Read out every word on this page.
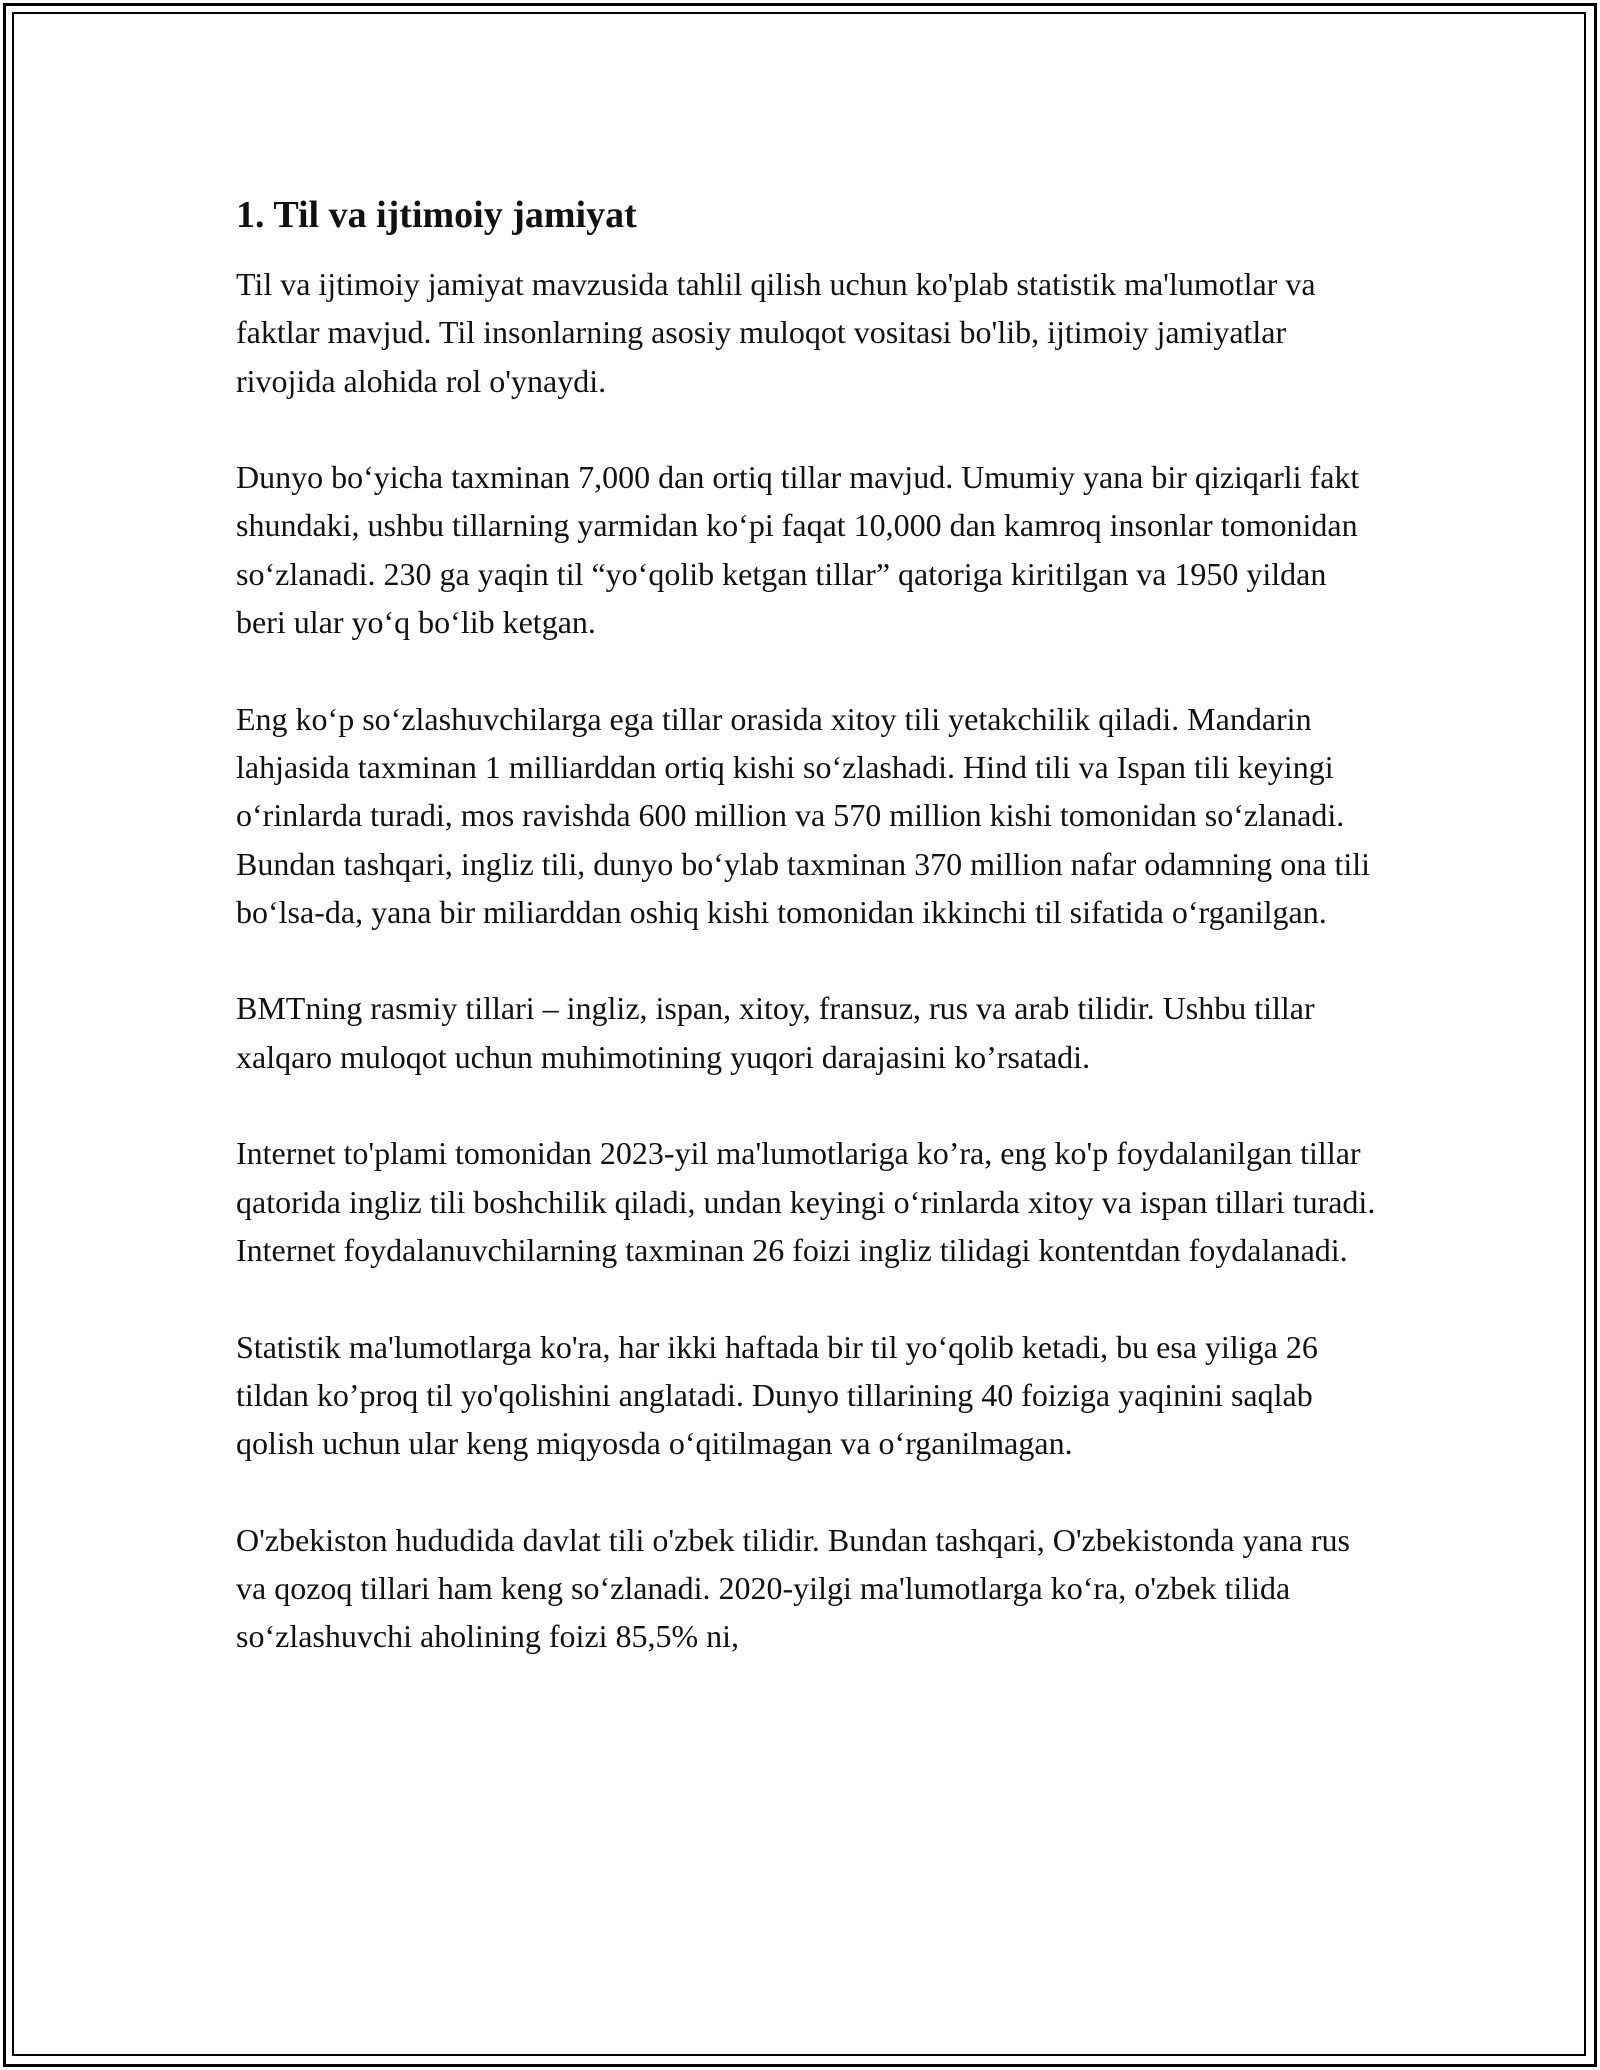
1. Til va ijtimoiy jamiyat

Til va ijtimoiy jamiyat mavzusida tahlil qilish uchun ko'plab statistik ma'lumotlar va faktlar mavjud. Til insonlarning asosiy muloqot vositasi bo'lib, ijtimoiy jamiyatlar rivojida alohida rol o'ynaydi.

Dunyo bo‘yicha taxminan 7,000 dan ortiq tillar mavjud. Umumiy yana bir qiziqarli fakt shundaki, ushbu tillarning yarmidan ko‘pi faqat 10,000 dan kamroq insonlar tomonidan so‘zlanadi. 230 ga yaqin til “yo‘qolib ketgan tillar” qatoriga kiritilgan va 1950 yildan beri ular yo‘q bo‘lib ketgan.

Eng ko‘p so‘zlashuvchilarga ega tillar orasida xitoy tili yetakchilik qiladi. Mandarin lahjasida taxminan 1 milliarddan ortiq kishi so‘zlashadi. Hind tili va Ispan tili keyingi o‘rinlarda turadi, mos ravishda 600 million va 570 million kishi tomonidan so‘zlanadi. Bundan tashqari, ingliz tili, dunyo bo‘ylab taxminan 370 million nafar odamning ona tili bo‘lsa-da, yana bir miliarddan oshiq kishi tomonidan ikkinchi til sifatida o‘rganilgan.

BMTning rasmiy tillari – ingliz, ispan, xitoy, fransuz, rus va arab tilidir. Ushbu tillar xalqaro muloqot uchun muhimotining yuqori darajasini ko’rsatadi.

Internet to'plami tomonidan 2023-yil ma'lumotlariga ko’ra, eng ko'p foydalanilgan tillar qatorida ingliz tili boshchilik qiladi, undan keyingi o‘rinlarda xitoy va ispan tillari turadi. Internet foydalanuvchilarning taxminan 26 foizi ingliz tilidagi kontentdan foydalanadi.

Statistik ma'lumotlarga ko'ra, har ikki haftada bir til yo‘qolib ketadi, bu esa yiliga 26 tildan ko’proq til yo'qolishini anglatadi. Dunyo tillarining 40 foiziga yaqinini saqlab qolish uchun ular keng miqyosda o‘qitilmagan va o‘rganilmagan.

O'zbekiston hududida davlat tili o'zbek tilidir. Bundan tashqari, O'zbekistonda yana rus va qozoq tillari ham keng so‘zlanadi. 2020-yilgi ma'lumotlarga ko‘ra, o'zbek tilida so‘zlashuvchi aholining foizi 85,5% ni,
